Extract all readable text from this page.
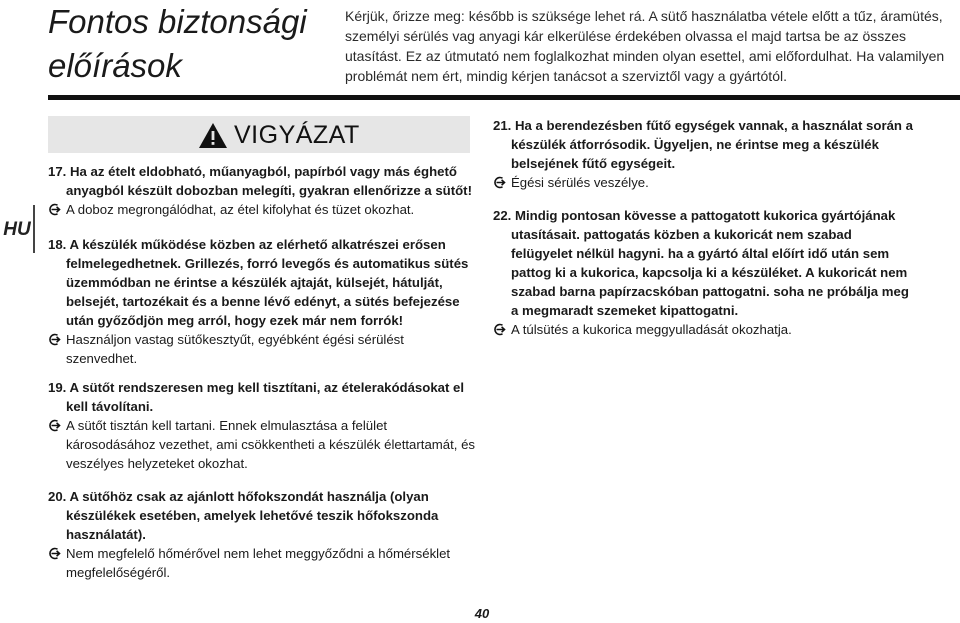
Fontos biztonsági előírások
Kérjük, őrizze meg: később is szüksége lehet rá. A sütő használatba vétele előtt a tűz, áramütés, személyi sérülés vag anyagi kár elkerülése érdekében olvassa el majd tartsa be az összes utasítást. Ez az útmutató nem foglalkozhat minden olyan esettel, ami előfordulhat. Ha valamilyen problémát nem ért, mindig kérjen tanácsot a szerviztől vagy a gyártótól.
HU
VIGYÁZAT
17. Ha az ételt eldobható, műanyagból, papírból vagy más éghető anyagból készült dobozban melegíti, gyakran ellenőrizze a sütőt!
A doboz megrongálódhat, az étel kifolyhat és tüzet okozhat.
18. A készülék működése közben az elérhető alkatrészei erősen felmelegedhetnek. Grillezés, forró levegős és automatikus sütés üzemmódban ne érintse a készülék ajtaját, külsejét, hátulját, belsejét, tartozékait és a benne lévő edényt, a sütés befejezése után győződjön meg arról, hogy ezek már nem forrók!
Használjon vastag sütőkesztyűt, egyébként égési sérülést szenvedhet.
19. A sütőt rendszeresen meg kell tisztítani, az ételerakódásokat el kell távolítani.
A sütőt tisztán kell tartani. Ennek elmulasztása a felület károsodásához vezethet, ami csökkentheti a készülék élettartamát, és veszélyes helyzeteket okozhat.
20. A sütőhöz csak az ajánlott hőfokszondát használja (olyan készülékek esetében, amelyek lehetővé teszik hőfokszonda használatát).
Nem megfelelő hőmérővel nem lehet meggyőződni a hőmérséklet megfelelőségéről.
21. Ha a berendezésben fűtő egységek vannak, a használat során a készülék átforrósodik. Ügyeljen, ne érintse meg a készülék belsejének fűtő egységeit.
Égési sérülés veszélye.
22. Mindig pontosan kövesse a pattogatott kukorica gyártójának utasításait. pattogatás közben a kukoricát nem szabad felügyelet nélkül hagyni. ha a gyártó által előírt idő után sem pattog ki a kukorica, kapcsolja ki a készüléket. A kukoricát nem szabad barna papírzacskóban pattogatni. soha ne próbálja meg a megmaradt szemeket kipattogatni.
A túlsütés a kukorica meggyulladását okozhatja.
40
